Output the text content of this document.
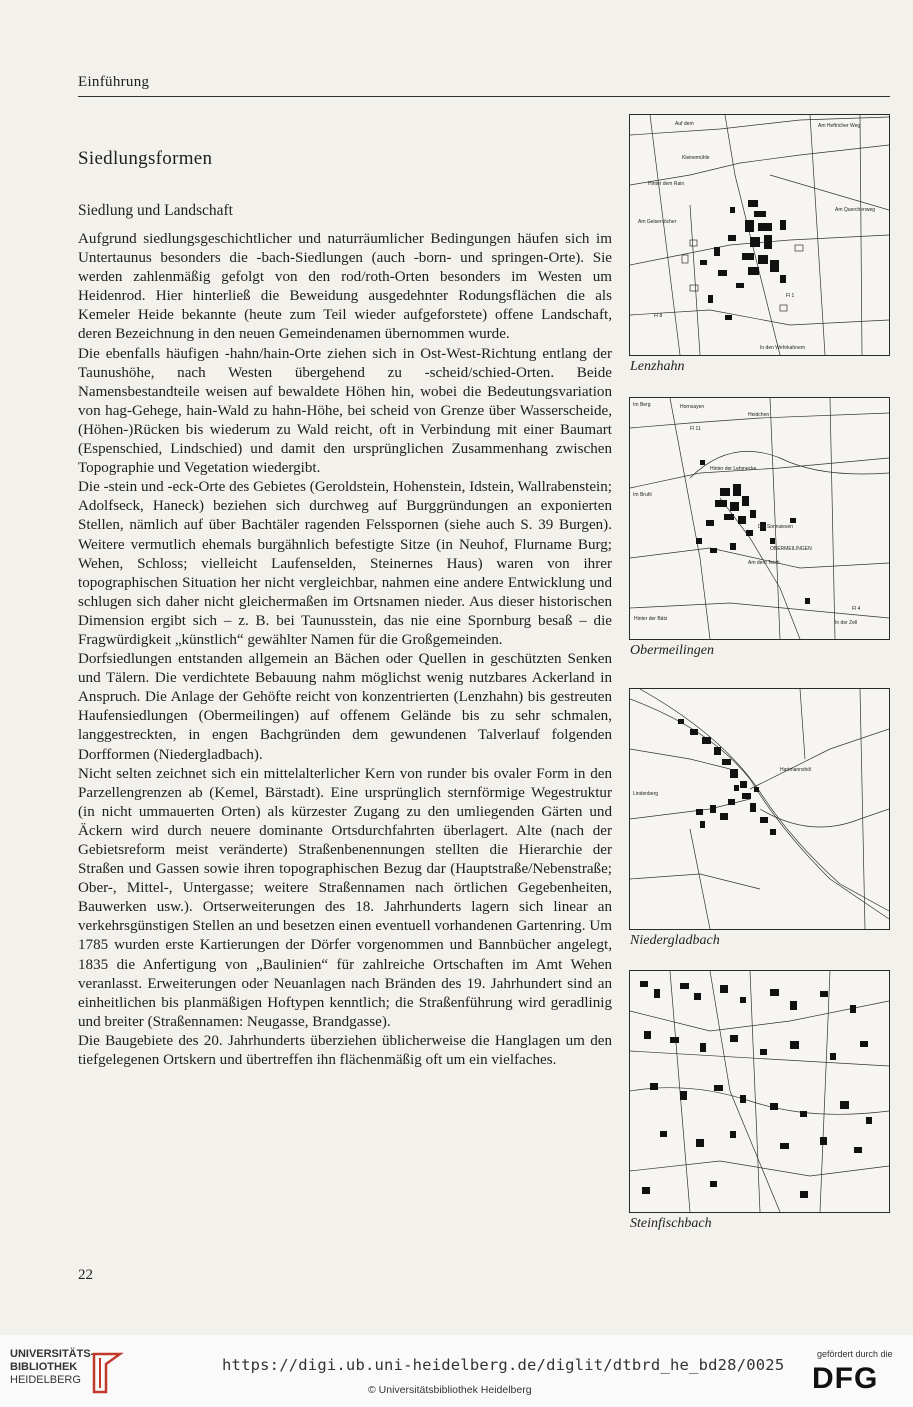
Einführung
Siedlungsformen
Siedlung und Landschaft

Aufgrund siedlungsgeschichtlicher und naturräumlicher Bedingungen häufen sich im Untertaunus besonders die -bach-Siedlungen (auch -born- und springen-Orte). Sie werden zahlenmäßig gefolgt von den rod/roth-Orten besonders im Westen um Heidenrod. Hier hinterließ die Beweidung ausgedehnter Rodungsflächen die als Kemeler Heide bekannte (heute zum Teil wieder aufgeforstete) offene Landschaft, deren Bezeichnung in den neuen Gemeindenamen übernommen wurde.

Die ebenfalls häufigen -hahn/hain-Orte ziehen sich in Ost-West-Richtung entlang der Taunushöhe, nach Westen übergehend zu -scheid/schied-Orten. Beide Namensbestandteile weisen auf bewaldete Höhen hin, wobei die Bedeutungsvariation von hag-Gehege, hain-Wald zu hahn-Höhe, bei scheid von Grenze über Wasserscheide, (Höhen-)Rücken bis wiederum zu Wald reicht, oft in Verbindung mit einer Baumart (Espenschied, Lindschied) und damit den ursprünglichen Zusammenhang zwischen Topographie und Vegetation wiedergibt.

Die -stein und -eck-Orte des Gebietes (Geroldstein, Hohenstein, Idstein, Wallrabenstein; Adolfseck, Haneck) beziehen sich durchweg auf Burggründungen an exponierten Stellen, nämlich auf über Bachtäler ragenden Felsspornen (siehe auch S. 39 Burgen). Weitere vermutlich ehemals burgähnlich befestigte Sitze (in Neuhof, Flurname Burg; Wehen, Schloss; vielleicht Laufenselden, Steinernes Haus) waren von ihrer topographischen Situation her nicht vergleichbar, nahmen eine andere Entwicklung und schlugen sich daher nicht gleichermaßen im Ortsnamen nieder. Aus dieser historischen Dimension ergibt sich – z. B. bei Taunusstein, das nie eine Spornburg besaß – die Fragwürdigkeit „künstlich“ gewählter Namen für die Großgemeinden.

Dorfsiedlungen entstanden allgemein an Bächen oder Quellen in geschützten Senken und Tälern. Die verdichtete Bebauung nahm möglichst wenig nutzbares Ackerland in Anspruch. Die Anlage der Gehöfte reicht von konzentrierten (Lenzhahn) bis gestreuten Haufensiedlungen (Obermeilingen) auf offenem Gelände bis zu sehr schmalen, langgestreckten, in engen Bachgründen dem gewundenen Talverlauf folgenden Dorfformen (Niedergladbach).

Nicht selten zeichnet sich ein mittelalterlicher Kern von runder bis ovaler Form in den Parzellengrenzen ab (Kemel, Bärstadt). Eine ursprünglich sternförmige Wegestruktur (in nicht ummauerten Orten) als kürzester Zugang zu den umliegenden Gärten und Äckern wird durch neuere dominante Ortsdurchfahrten überlagert. Alte (nach der Gebietsreform meist veränderte) Straßenbenennungen stellten die Hierarchie der Straßen und Gassen sowie ihren topographischen Bezug dar (Hauptstraße/Nebenstraße; Ober-, Mittel-, Untergasse; weitere Straßennamen nach örtlichen Gegebenheiten, Bauwerken usw.). Ortserweiterungen des 18. Jahrhunderts lagern sich linear an verkehrsgünstigen Stellen an und besetzen einen eventuell vorhandenen Gartenring. Um 1785 wurden erste Kartierungen der Dörfer vorgenommen und Bannbücher angelegt, 1835 die Anfertigung von „Baulinien“ für zahlreiche Ortschaften im Amt Wehen veranlasst. Erweiterungen oder Neuanlagen nach Bränden des 19. Jahrhundert sind an einheitlichen bis planmäßigen Hoftypen kenntlich; die Straßenführung wird geradlinig und breiter (Straßennamen: Neugasse, Brandgasse).

Die Baugebiete des 20. Jahrhunderts überziehen üblicherweise die Hanglagen um den tiefgelegenen Ortskern und übertreffen ihn flächenmäßig oft um ein vielfaches.

Auf dem	Am Heftricher Weg
Kleinemühle
Hinter dem Rain
Am Querchenweg
Am Geisenlöcher
Fl 8
Fl 1
In den Wehrkahnern
Lenzhahn
Im Berg	Hornsayen
Heidchen
Fl 11
Hinter der Lehmecke
Im Bruhl
Die Sonnsiesen
OBERMEILINGEN
Am dem Teich
Fl 4
Hinter der Bätz
In der Zell
Obermeilingen
Hartmannshöl
Lindenberg
Niedergladbach
Steinfischbach
22
UNIVERSITÄTS-
BIBLIOTHEK
HEIDELBERG
https://digi.ub.uni-heidelberg.de/diglit/dtbrd_he_bd28/0025
© Universitätsbibliothek Heidelberg
gefördert durch die
DFG
